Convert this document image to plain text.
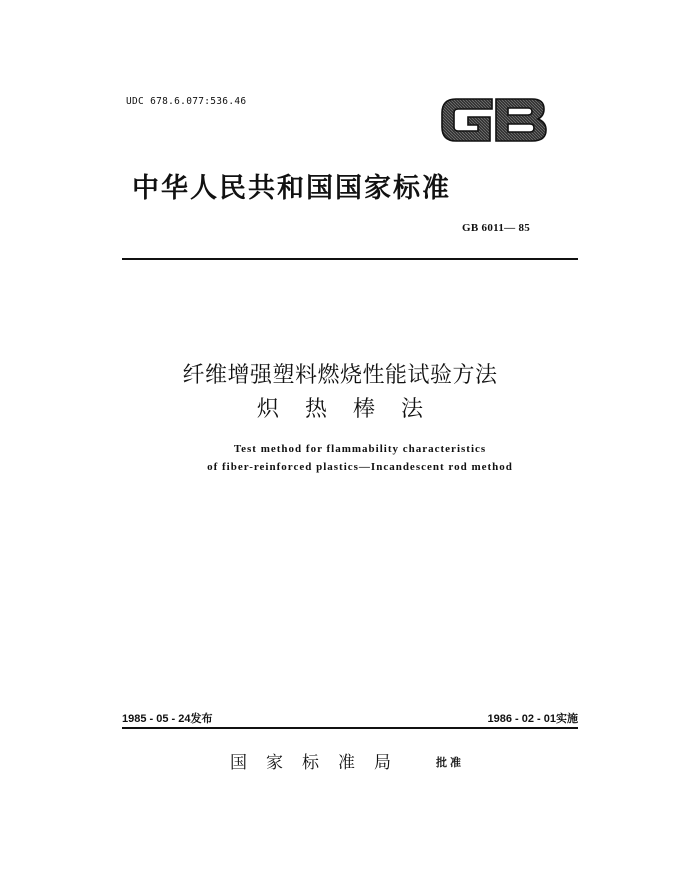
UDC 678.6.077:536.46
中华人民共和国国家标准
GB 6011— 85
纤维增强塑料燃烧性能试验方法
炽热棒法
Test method for flammability characteristics
of fiber-reinforced plastics—Incandescent rod method
1985 - 05 - 24发布	1986 - 02 - 01实施
国家标准局 批准
